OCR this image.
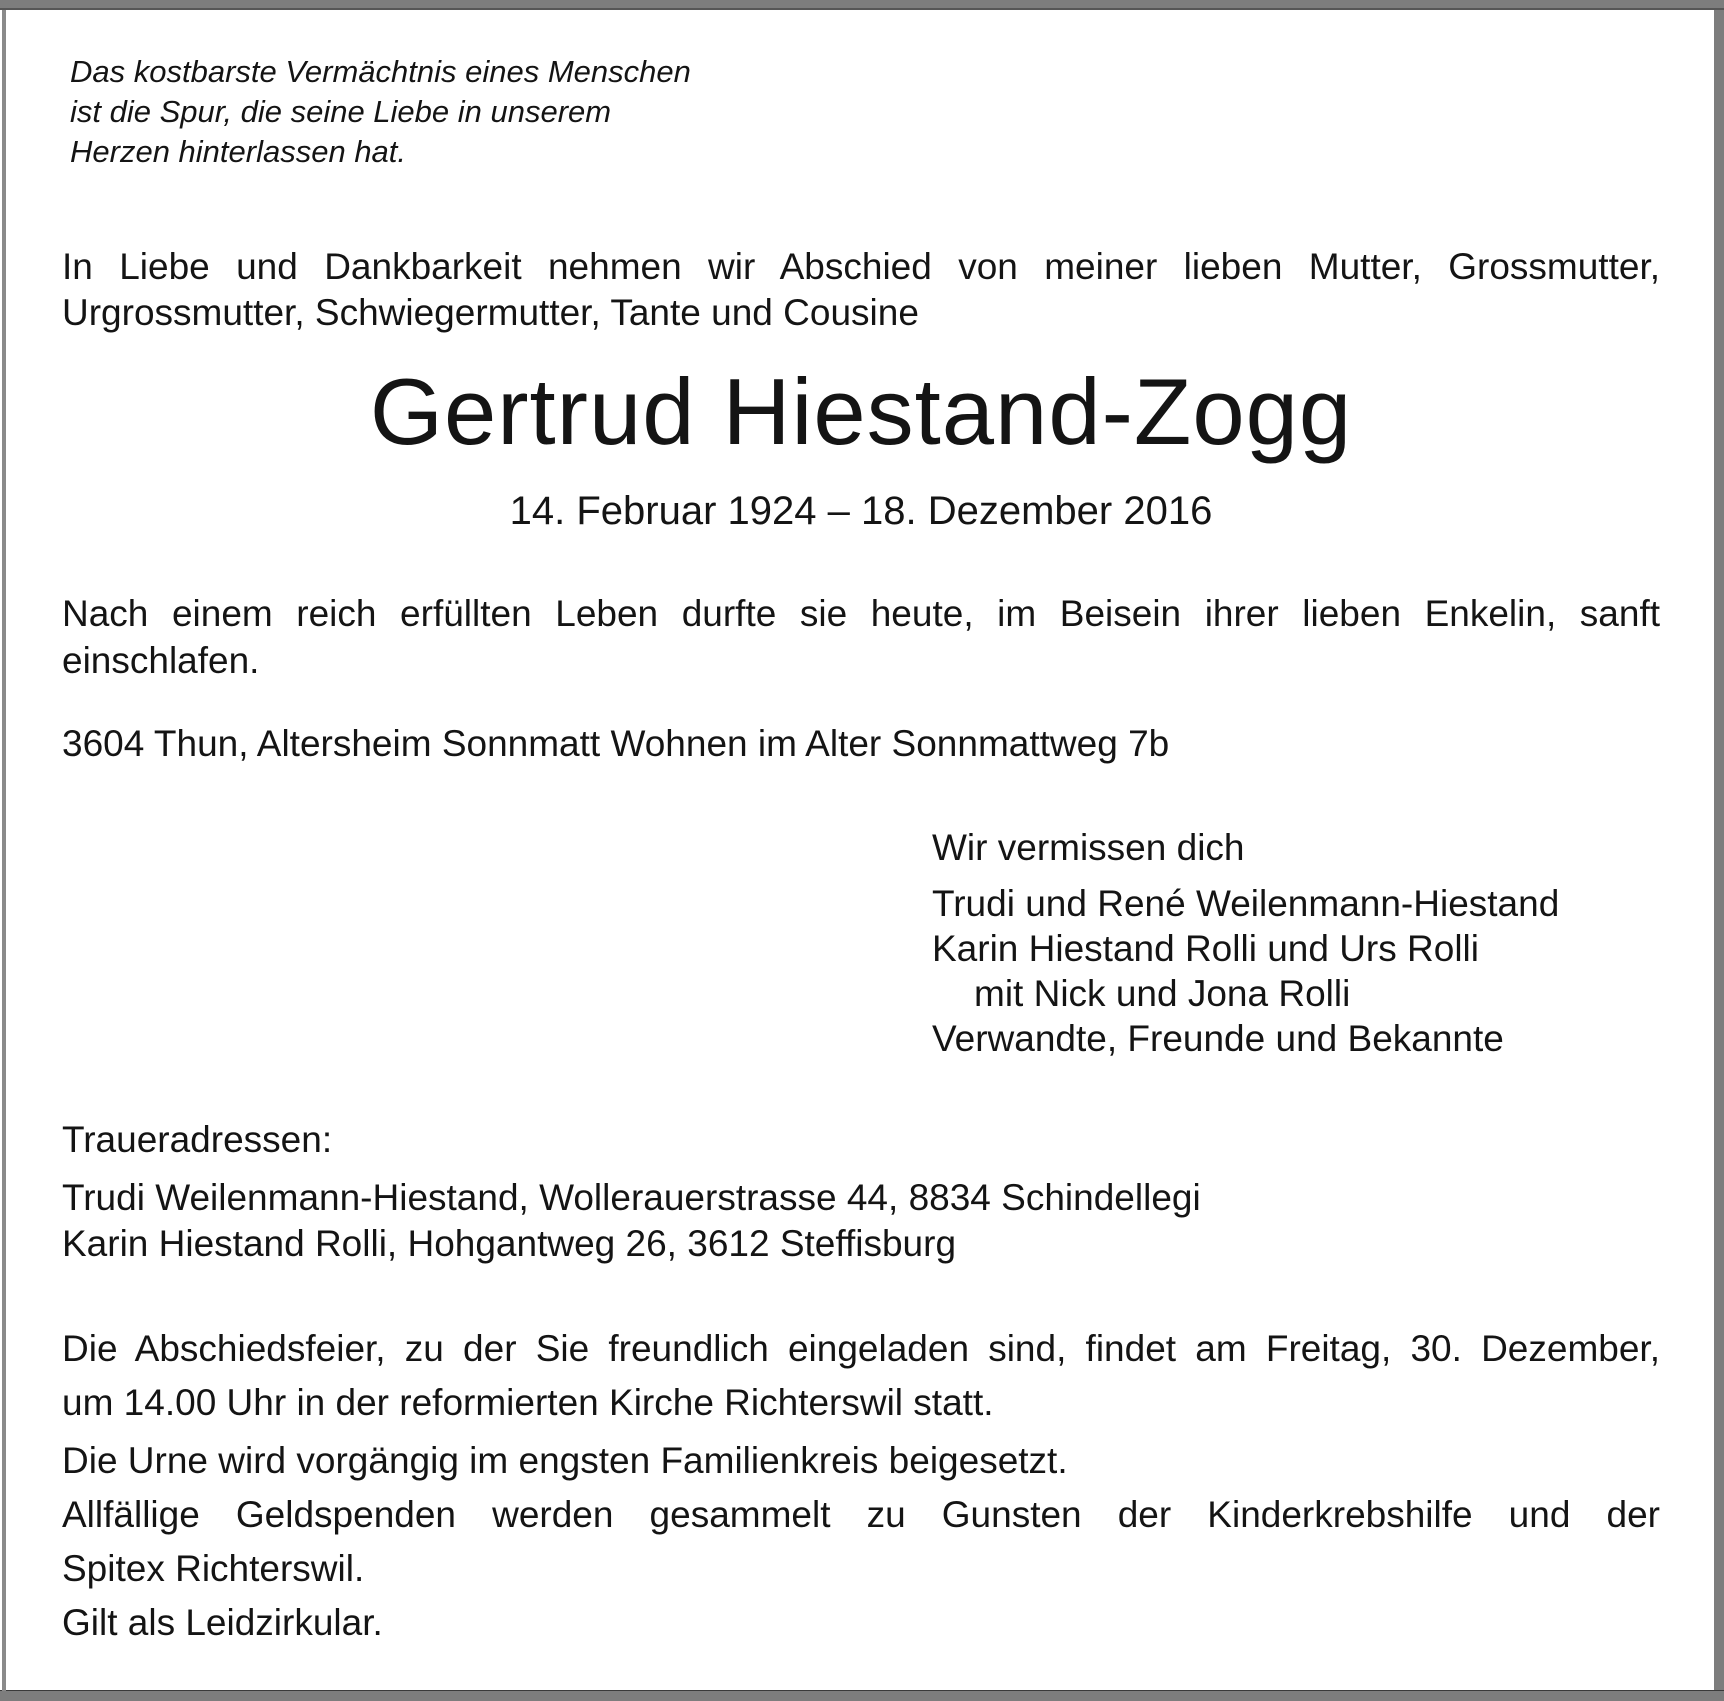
Das kostbarste Vermächtnis eines Menschen
ist die Spur, die seine Liebe in unserem
Herzen hinterlassen hat.
In Liebe und Dankbarkeit nehmen wir Abschied von meiner lieben Mutter, Grossmutter,
Urgrossmutter, Schwiegermutter, Tante und Cousine
Gertrud Hiestand-Zogg
14. Februar 1924 – 18. Dezember 2016
Nach einem reich erfüllten Leben durfte sie heute, im Beisein ihrer lieben Enkelin, sanft
einschlafen.
3604 Thun, Altersheim Sonnmatt Wohnen im Alter Sonnmattweg 7b
Wir vermissen dich
Trudi und René Weilenmann-Hiestand
Karin Hiestand Rolli und Urs Rolli
mit Nick und Jona Rolli
Verwandte, Freunde und Bekannte
Traueradressen:
Trudi Weilenmann-Hiestand, Wollerauerstrasse 44, 8834 Schindellegi
Karin Hiestand Rolli, Hohgantweg 26, 3612 Steffisburg
Die Abschiedsfeier, zu der Sie freundlich eingeladen sind, findet am Freitag, 30. Dezember,
um 14.00 Uhr in der reformierten Kirche Richterswil statt.
Die Urne wird vorgängig im engsten Familienkreis beigesetzt.
Allfällige Geldspenden werden gesammelt zu Gunsten der Kinderkrebshilfe und der
Spitex Richterswil.
Gilt als Leidzirkular.
